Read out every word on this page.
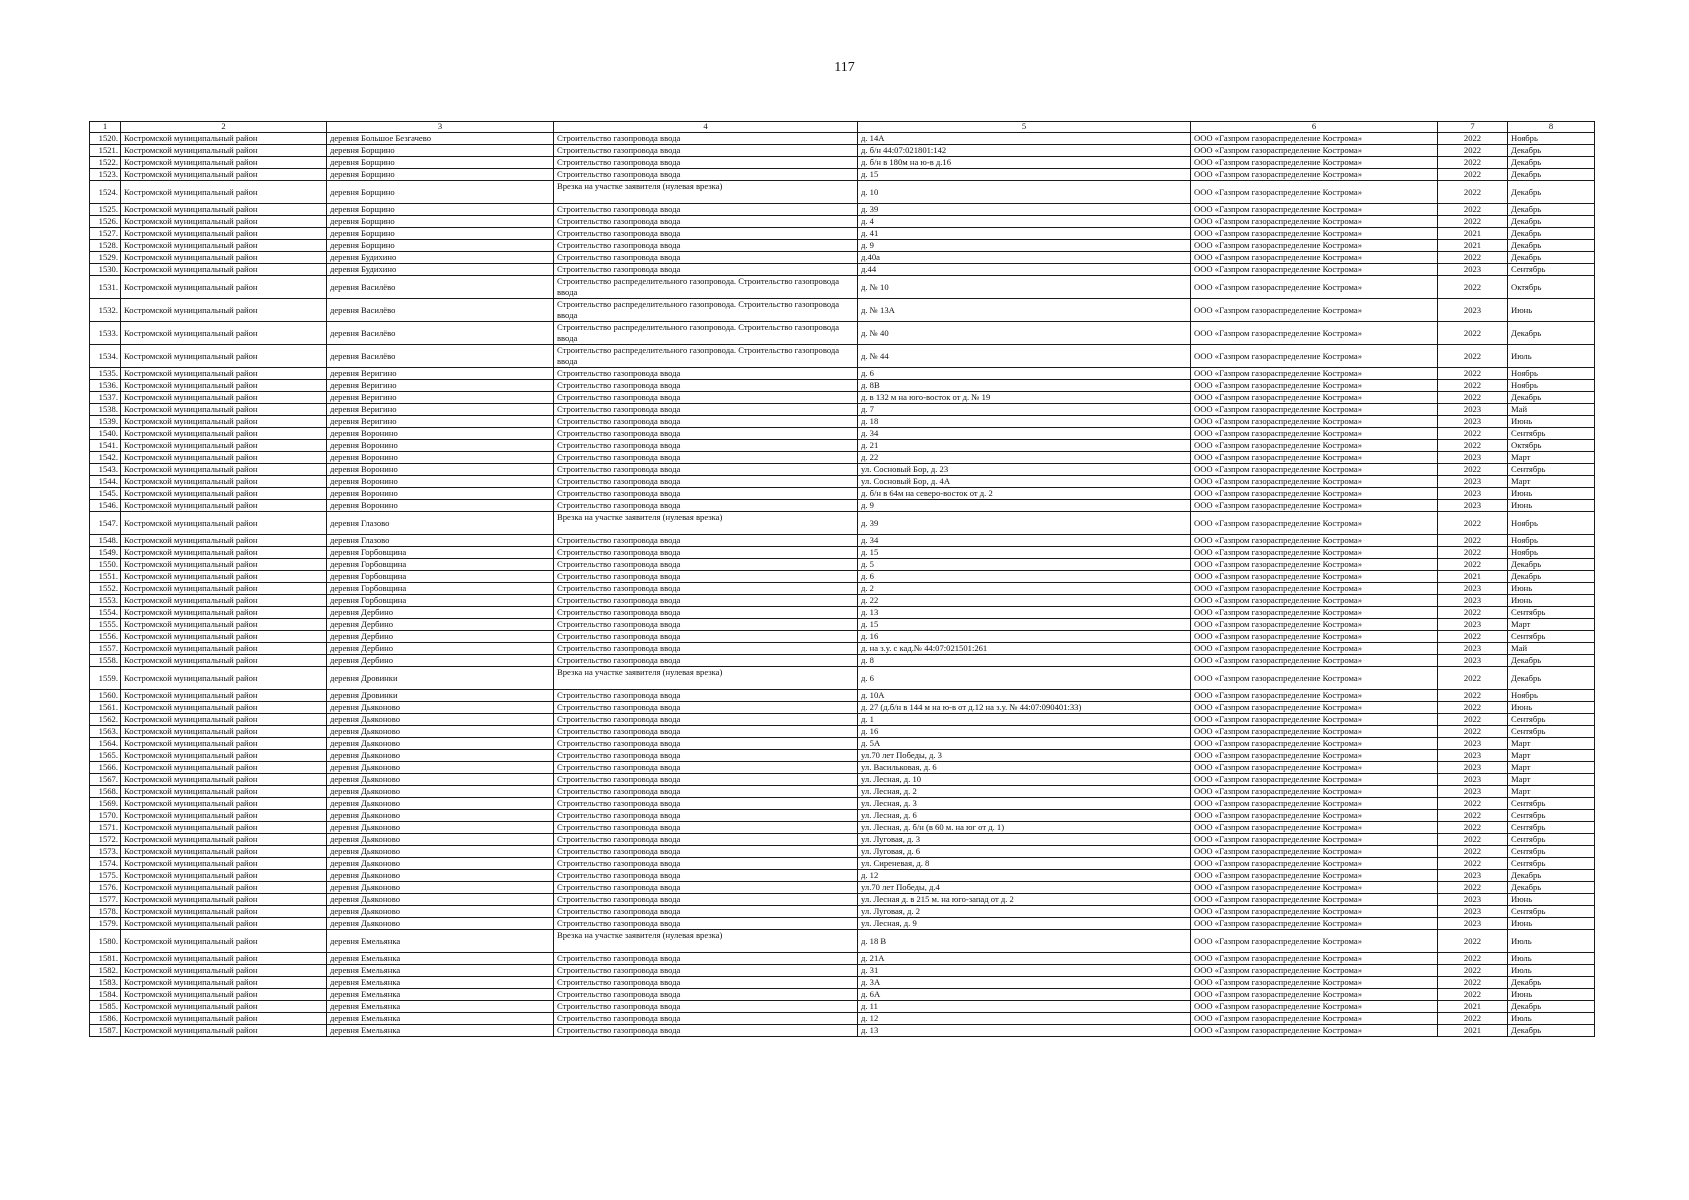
117
1	2	3	4	5	6	7	8
1520.	Костромской муниципальный район	деревня Большое Безгачево	Строительство газопровода ввода	д. 14А	ООО «Газпром газораспределение Кострома»	2022	Ноябрь
1521.	Костромской муниципальный район	деревня Борщино	Строительство газопровода ввода	д. б/н 44:07:021801:142	ООО «Газпром газораспределение Кострома»	2022	Декабрь
1522.	Костромской муниципальный район	деревня Борщино	Строительство газопровода ввода	д. б/н в 180м на ю-в д.16	ООО «Газпром газораспределение Кострома»	2022	Декабрь
1523.	Костромской муниципальный район	деревня Борщино	Строительство газопровода ввода	д. 15	ООО «Газпром газораспределение Кострома»	2022	Декабрь
1524.	Костромской муниципальный район	деревня Борщино	Врезка на участке заявителя (нулевая врезка)	д. 10	ООО «Газпром газораспределение Кострома»	2022	Декабрь
1525.	Костромской муниципальный район	деревня Борщино	Строительство газопровода ввода	д. 39	ООО «Газпром газораспределение Кострома»	2022	Декабрь
1526.	Костромской муниципальный район	деревня Борщино	Строительство газопровода ввода	д. 4	ООО «Газпром газораспределение Кострома»	2022	Декабрь
1527.	Костромской муниципальный район	деревня Борщино	Строительство газопровода ввода	д. 41	ООО «Газпром газораспределение Кострома»	2021	Декабрь
1528.	Костромской муниципальный район	деревня Борщино	Строительство газопровода ввода	д. 9	ООО «Газпром газораспределение Кострома»	2021	Декабрь
1529.	Костромской муниципальный район	деревня Будихино	Строительство газопровода ввода	д.40а	ООО «Газпром газораспределение Кострома»	2022	Декабрь
1530.	Костромской муниципальный район	деревня Будихино	Строительство газопровода ввода	д.44	ООО «Газпром газораспределение Кострома»	2023	Сентябрь
1531.	Костромской муниципальный район	деревня Василёво	Строительство распределительного газопровода. Строительство газопровода ввода	д. № 10	ООО «Газпром газораспределение Кострома»	2022	Октябрь
1532.	Костромской муниципальный район	деревня Василёво	Строительство распределительного газопровода. Строительство газопровода ввода	д. № 13А	ООО «Газпром газораспределение Кострома»	2023	Июнь
1533.	Костромской муниципальный район	деревня Василёво	Строительство распределительного газопровода. Строительство газопровода ввода	д. № 40	ООО «Газпром газораспределение Кострома»	2022	Декабрь
1534.	Костромской муниципальный район	деревня Василёво	Строительство распределительного газопровода. Строительство газопровода ввода	д. № 44	ООО «Газпром газораспределение Кострома»	2022	Июль
1535.	Костромской муниципальный район	деревня Веригино	Строительство газопровода ввода	д. 6	ООО «Газпром газораспределение Кострома»	2022	Ноябрь
1536.	Костромской муниципальный район	деревня Веригино	Строительство газопровода ввода	д. 8В	ООО «Газпром газораспределение Кострома»	2022	Ноябрь
1537.	Костромской муниципальный район	деревня Веригино	Строительство газопровода ввода	д. в 132 м на юго-восток от д. № 19	ООО «Газпром газораспределение Кострома»	2022	Декабрь
1538.	Костромской муниципальный район	деревня Веригино	Строительство газопровода ввода	д. 7	ООО «Газпром газораспределение Кострома»	2023	Май
1539.	Костромской муниципальный район	деревня Веригино	Строительство газопровода ввода	д. 18	ООО «Газпром газораспределение Кострома»	2023	Июнь
1540.	Костромской муниципальный район	деревня Воронино	Строительство газопровода ввода	д. 34	ООО «Газпром газораспределение Кострома»	2022	Сентябрь
1541.	Костромской муниципальный район	деревня Воронино	Строительство газопровода ввода	д. 21	ООО «Газпром газораспределение Кострома»	2022	Октябрь
1542.	Костромской муниципальный район	деревня Воронино	Строительство газопровода ввода	д. 22	ООО «Газпром газораспределение Кострома»	2023	Март
1543.	Костромской муниципальный район	деревня Воронино	Строительство газопровода ввода	ул. Сосновый Бор, д. 23	ООО «Газпром газораспределение Кострома»	2022	Сентябрь
1544.	Костромской муниципальный район	деревня Воронино	Строительство газопровода ввода	ул. Сосновый Бор, д. 4А	ООО «Газпром газораспределение Кострома»	2023	Март
1545.	Костромской муниципальный район	деревня Воронино	Строительство газопровода ввода	д. б/н в 64м на северо-восток от д. 2	ООО «Газпром газораспределение Кострома»	2023	Июнь
1546.	Костромской муниципальный район	деревня Воронино	Строительство газопровода ввода	д. 9	ООО «Газпром газораспределение Кострома»	2023	Июнь
1547.	Костромской муниципальный район	деревня Глазово	Врезка на участке заявителя (нулевая врезка)	д. 39	ООО «Газпром газораспределение Кострома»	2022	Ноябрь
1548.	Костромской муниципальный район	деревня Глазово	Строительство газопровода ввода	д. 34	ООО «Газпром газораспределение Кострома»	2022	Ноябрь
1549.	Костромской муниципальный район	деревня Горбовщина	Строительство газопровода ввода	д. 15	ООО «Газпром газораспределение Кострома»	2022	Ноябрь
1550.	Костромской муниципальный район	деревня Горбовщина	Строительство газопровода ввода	д. 5	ООО «Газпром газораспределение Кострома»	2022	Декабрь
1551.	Костромской муниципальный район	деревня Горбовщина	Строительство газопровода ввода	д. 6	ООО «Газпром газораспределение Кострома»	2021	Декабрь
1552.	Костромской муниципальный район	деревня Горбовщина	Строительство газопровода ввода	д. 2	ООО «Газпром газораспределение Кострома»	2023	Июнь
1553.	Костромской муниципальный район	деревня Горбовщина	Строительство газопровода ввода	д. 22	ООО «Газпром газораспределение Кострома»	2023	Июнь
1554.	Костромской муниципальный район	деревня Дербино	Строительство газопровода ввода	д. 13	ООО «Газпром газораспределение Кострома»	2022	Сентябрь
1555.	Костромской муниципальный район	деревня Дербино	Строительство газопровода ввода	д. 15	ООО «Газпром газораспределение Кострома»	2023	Март
1556.	Костромской муниципальный район	деревня Дербино	Строительство газопровода ввода	д. 16	ООО «Газпром газораспределение Кострома»	2022	Сентябрь
1557.	Костромской муниципальный район	деревня Дербино	Строительство газопровода ввода	д. на з.у. с кад.№ 44:07:021501:261	ООО «Газпром газораспределение Кострома»	2023	Май
1558.	Костромской муниципальный район	деревня Дербино	Строительство газопровода ввода	д. 8	ООО «Газпром газораспределение Кострома»	2023	Декабрь
1559.	Костромской муниципальный район	деревня Дровинки	Врезка на участке заявителя (нулевая врезка)	д. 6	ООО «Газпром газораспределение Кострома»	2022	Декабрь
1560.	Костромской муниципальный район	деревня Дровинки	Строительство газопровода ввода	д. 10А	ООО «Газпром газораспределение Кострома»	2022	Ноябрь
1561.	Костромской муниципальный район	деревня Дьяконово	Строительство газопровода ввода	д. 27 (д.б/н в 144 м на ю-в от д.12 на з.у. № 44:07:090401:33)	ООО «Газпром газораспределение Кострома»	2022	Июнь
1562.	Костромской муниципальный район	деревня Дьяконово	Строительство газопровода ввода	д. 1	ООО «Газпром газораспределение Кострома»	2022	Сентябрь
1563.	Костромской муниципальный район	деревня Дьяконово	Строительство газопровода ввода	д. 16	ООО «Газпром газораспределение Кострома»	2022	Сентябрь
1564.	Костромской муниципальный район	деревня Дьяконово	Строительство газопровода ввода	д. 5А	ООО «Газпром газораспределение Кострома»	2023	Март
1565.	Костромской муниципальный район	деревня Дьяконово	Строительство газопровода ввода	ул.70 лет Победы, д. 3	ООО «Газпром газораспределение Кострома»	2023	Март
1566.	Костромской муниципальный район	деревня Дьяконово	Строительство газопровода ввода	ул. Васильковая, д. 6	ООО «Газпром газораспределение Кострома»	2023	Март
1567.	Костромской муниципальный район	деревня Дьяконово	Строительство газопровода ввода	ул. Лесная, д. 10	ООО «Газпром газораспределение Кострома»	2023	Март
1568.	Костромской муниципальный район	деревня Дьяконово	Строительство газопровода ввода	ул. Лесная, д. 2	ООО «Газпром газораспределение Кострома»	2023	Март
1569.	Костромской муниципальный район	деревня Дьяконово	Строительство газопровода ввода	ул. Лесная, д. 3	ООО «Газпром газораспределение Кострома»	2022	Сентябрь
1570.	Костромской муниципальный район	деревня Дьяконово	Строительство газопровода ввода	ул. Лесная, д. 6	ООО «Газпром газораспределение Кострома»	2022	Сентябрь
1571.	Костромской муниципальный район	деревня Дьяконово	Строительство газопровода ввода	ул. Лесная, д. б/н (в 60 м. на юг от д. 1)	ООО «Газпром газораспределение Кострома»	2022	Сентябрь
1572.	Костромской муниципальный район	деревня Дьяконово	Строительство газопровода ввода	ул. Луговая, д. 3	ООО «Газпром газораспределение Кострома»	2022	Сентябрь
1573.	Костромской муниципальный район	деревня Дьяконово	Строительство газопровода ввода	ул. Луговая, д. 6	ООО «Газпром газораспределение Кострома»	2022	Сентябрь
1574.	Костромской муниципальный район	деревня Дьяконово	Строительство газопровода ввода	ул. Сиреневая, д. 8	ООО «Газпром газораспределение Кострома»	2022	Сентябрь
1575.	Костромской муниципальный район	деревня Дьяконово	Строительство газопровода ввода	д. 12	ООО «Газпром газораспределение Кострома»	2023	Декабрь
1576.	Костромской муниципальный район	деревня Дьяконово	Строительство газопровода ввода	ул.70 лет Победы, д.4	ООО «Газпром газораспределение Кострома»	2022	Декабрь
1577.	Костромской муниципальный район	деревня Дьяконово	Строительство газопровода ввода	ул. Лесная д. в 215 м. на юго-запад от д. 2	ООО «Газпром газораспределение Кострома»	2023	Июнь
1578.	Костромской муниципальный район	деревня Дьяконово	Строительство газопровода ввода	ул. Луговая, д. 2	ООО «Газпром газораспределение Кострома»	2023	Сентябрь
1579.	Костромской муниципальный район	деревня Дьяконово	Строительство газопровода ввода	ул. Лесная, д. 9	ООО «Газпром газораспределение Кострома»	2023	Июнь
1580.	Костромской муниципальный район	деревня Емельянка	Врезка на участке заявителя (нулевая врезка)	д. 18 В	ООО «Газпром газораспределение Кострома»	2022	Июль
1581.	Костромской муниципальный район	деревня Емельянка	Строительство газопровода ввода	д. 21А	ООО «Газпром газораспределение Кострома»	2022	Июль
1582.	Костромской муниципальный район	деревня Емельянка	Строительство газопровода ввода	д. 31	ООО «Газпром газораспределение Кострома»	2022	Июль
1583.	Костромской муниципальный район	деревня Емельянка	Строительство газопровода ввода	д. 3А	ООО «Газпром газораспределение Кострома»	2022	Декабрь
1584.	Костромской муниципальный район	деревня Емельянка	Строительство газопровода ввода	д. 6А	ООО «Газпром газораспределение Кострома»	2022	Июнь
1585.	Костромской муниципальный район	деревня Емельянка	Строительство газопровода ввода	д. 11	ООО «Газпром газораспределение Кострома»	2021	Декабрь
1586.	Костромской муниципальный район	деревня Емельянка	Строительство газопровода ввода	д. 12	ООО «Газпром газораспределение Кострома»	2022	Июль
1587.	Костромской муниципальный район	деревня Емельянка	Строительство газопровода ввода	д. 13	ООО «Газпром газораспределение Кострома»	2021	Декабрь
